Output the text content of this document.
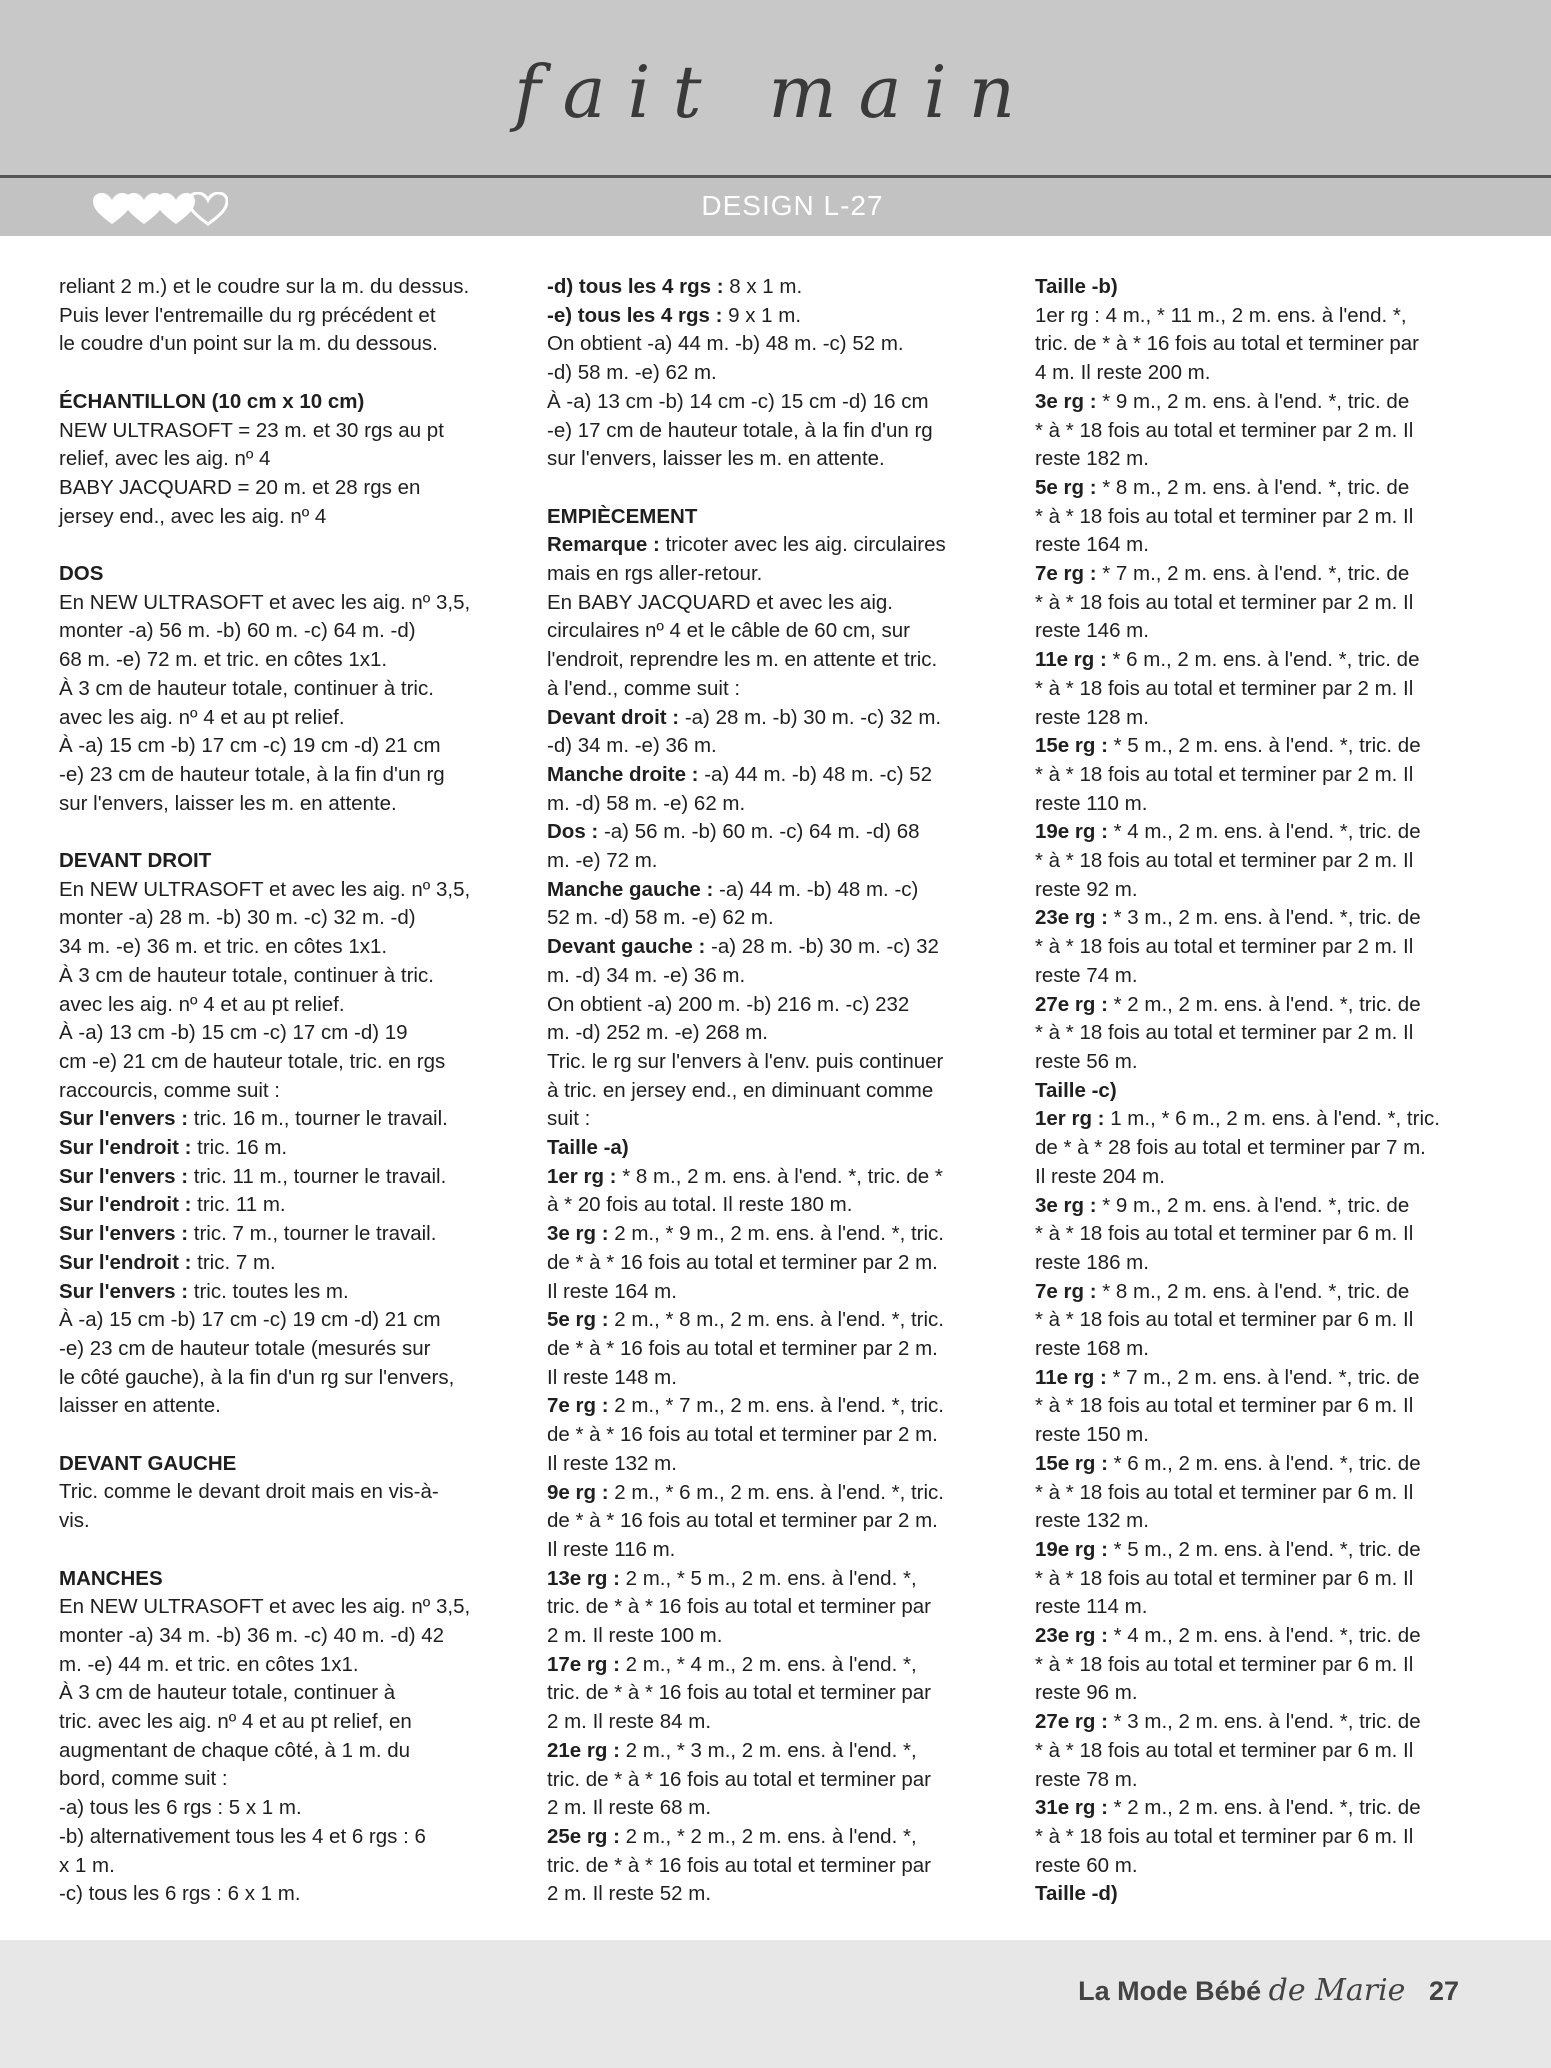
fait main
DESIGN L-27

reliant 2 m.) et le coudre sur la m. du dessus.

Puis lever l'entremaille du rg précédent et

le coudre d'un point sur la m. du dessous.

ÉCHANTILLON (10 cm x 10 cm)

NEW ULTRASOFT = 23 m. et 30 rgs au pt

relief, avec les aig. nº 4

BABY JACQUARD = 20 m. et 28 rgs en

jersey end., avec les aig. nº 4

DOS

En NEW ULTRASOFT et avec les aig. nº 3,5,

monter -a) 56 m. -b) 60 m. -c) 64 m. -d)

68 m. -e) 72 m. et tric. en côtes 1x1.

À 3 cm de hauteur totale, continuer à tric.

avec les aig. nº 4 et au pt relief.

À -a) 15 cm -b) 17 cm -c) 19 cm -d) 21 cm

-e) 23 cm de hauteur totale, à la fin d'un rg

sur l'envers, laisser les m. en attente.

DEVANT DROIT

En NEW ULTRASOFT et avec les aig. nº 3,5,

monter -a) 28 m. -b) 30 m. -c) 32 m. -d)

34 m. -e) 36 m. et tric. en côtes 1x1.

À 3 cm de hauteur totale, continuer à tric.

avec les aig. nº 4 et au pt relief.

À -a) 13 cm -b) 15 cm -c) 17 cm -d) 19

cm -e) 21 cm de hauteur totale, tric. en rgs

raccourcis, comme suit :

Sur l'envers : tric. 16 m., tourner le travail.

Sur l'endroit : tric. 16 m.

Sur l'envers : tric. 11 m., tourner le travail.

Sur l'endroit : tric. 11 m.

Sur l'envers : tric. 7 m., tourner le travail.

Sur l'endroit : tric. 7 m.

Sur l'envers : tric. toutes les m.

À -a) 15 cm -b) 17 cm -c) 19 cm -d) 21 cm

-e) 23 cm de hauteur totale (mesurés sur

le côté gauche), à la fin d'un rg sur l'envers,

laisser en attente.

DEVANT GAUCHE

Tric. comme le devant droit mais en vis-à-

vis.

MANCHES

En NEW ULTRASOFT et avec les aig. nº 3,5,

monter -a) 34 m. -b) 36 m. -c) 40 m. -d) 42

m. -e) 44 m. et tric. en côtes 1x1.

À 3 cm de hauteur totale, continuer à

tric. avec les aig. nº 4 et au pt relief, en

augmentant de chaque côté, à 1 m. du

bord, comme suit :

-a) tous les 6 rgs : 5 x 1 m.

-b) alternativement tous les 4 et 6 rgs : 6

x 1 m.

-c) tous les 6 rgs : 6 x 1 m.

-d) tous les 4 rgs : 8 x 1 m.

-e) tous les 4 rgs : 9 x 1 m.

On obtient -a) 44 m. -b) 48 m. -c) 52 m.

-d) 58 m. -e) 62 m.

À -a) 13 cm -b) 14 cm -c) 15 cm -d) 16 cm

-e) 17 cm de hauteur totale, à la fin d'un rg

sur l'envers, laisser les m. en attente.

EMPIÈCEMENT

Remarque : tricoter avec les aig. circulaires

mais en rgs aller-retour.

En BABY JACQUARD et avec les aig.

circulaires nº 4 et le câble de 60 cm, sur

l'endroit, reprendre les m. en attente et tric.

à l'end., comme suit :

Devant droit : -a) 28 m. -b) 30 m. -c) 32 m.

-d) 34 m. -e) 36 m.

Manche droite : -a) 44 m. -b) 48 m. -c) 52

m. -d) 58 m. -e) 62 m.

Dos : -a) 56 m. -b) 60 m. -c) 64 m. -d) 68

m. -e) 72 m.

Manche gauche : -a) 44 m. -b) 48 m. -c)

52 m. -d) 58 m. -e) 62 m.

Devant gauche : -a) 28 m. -b) 30 m. -c) 32

m. -d) 34 m. -e) 36 m.

On obtient -a) 200 m. -b) 216 m. -c) 232

m. -d) 252 m. -e) 268 m.

Tric. le rg sur l'envers à l'env. puis continuer

à tric. en jersey end., en diminuant comme

suit :

Taille -a)

1er rg : * 8 m., 2 m. ens. à l'end. *, tric. de *

à * 20 fois au total. Il reste 180 m.

3e rg : 2 m., * 9 m., 2 m. ens. à l'end. *, tric.

de * à * 16 fois au total et terminer par 2 m.

Il reste 164 m.

5e rg : 2 m., * 8 m., 2 m. ens. à l'end. *, tric.

de * à * 16 fois au total et terminer par 2 m.

Il reste 148 m.

7e rg : 2 m., * 7 m., 2 m. ens. à l'end. *, tric.

de * à * 16 fois au total et terminer par 2 m.

Il reste 132 m.

9e rg : 2 m., * 6 m., 2 m. ens. à l'end. *, tric.

de * à * 16 fois au total et terminer par 2 m.

Il reste 116 m.

13e rg : 2 m., * 5 m., 2 m. ens. à l'end. *,

tric. de * à * 16 fois au total et terminer par

2 m. Il reste 100 m.

17e rg : 2 m., * 4 m., 2 m. ens. à l'end. *,

tric. de * à * 16 fois au total et terminer par

2 m. Il reste 84 m.

21e rg : 2 m., * 3 m., 2 m. ens. à l'end. *,

tric. de * à * 16 fois au total et terminer par

2 m. Il reste 68 m.

25e rg : 2 m., * 2 m., 2 m. ens. à l'end. *,

tric. de * à * 16 fois au total et terminer par

2 m. Il reste 52 m.

Taille -b)

1er rg : 4 m., * 11 m., 2 m. ens. à l'end. *,

tric. de * à * 16 fois au total et terminer par

4 m. Il reste 200 m.

3e rg : * 9 m., 2 m. ens. à l'end. *, tric. de

* à * 18 fois au total et terminer par 2 m. Il

reste 182 m.

5e rg : * 8 m., 2 m. ens. à l'end. *, tric. de

* à * 18 fois au total et terminer par 2 m. Il

reste 164 m.

7e rg : * 7 m., 2 m. ens. à l'end. *, tric. de

* à * 18 fois au total et terminer par 2 m. Il

reste 146 m.

11e rg : * 6 m., 2 m. ens. à l'end. *, tric. de

* à * 18 fois au total et terminer par 2 m. Il

reste 128 m.

15e rg : * 5 m., 2 m. ens. à l'end. *, tric. de

* à * 18 fois au total et terminer par 2 m. Il

reste 110 m.

19e rg : * 4 m., 2 m. ens. à l'end. *, tric. de

* à * 18 fois au total et terminer par 2 m. Il

reste 92 m.

23e rg : * 3 m., 2 m. ens. à l'end. *, tric. de

* à * 18 fois au total et terminer par 2 m. Il

reste 74 m.

27e rg : * 2 m., 2 m. ens. à l'end. *, tric. de

* à * 18 fois au total et terminer par 2 m. Il

reste 56 m.

Taille -c)

1er rg : 1 m., * 6 m., 2 m. ens. à l'end. *, tric.

de * à * 28 fois au total et terminer par 7 m.

Il reste 204 m.

3e rg : * 9 m., 2 m. ens. à l'end. *, tric. de

* à * 18 fois au total et terminer par 6 m. Il

reste 186 m.

7e rg : * 8 m., 2 m. ens. à l'end. *, tric. de

* à * 18 fois au total et terminer par 6 m. Il

reste 168 m.

11e rg : * 7 m., 2 m. ens. à l'end. *, tric. de

* à * 18 fois au total et terminer par 6 m. Il

reste 150 m.

15e rg : * 6 m., 2 m. ens. à l'end. *, tric. de

* à * 18 fois au total et terminer par 6 m. Il

reste 132 m.

19e rg : * 5 m., 2 m. ens. à l'end. *, tric. de

* à * 18 fois au total et terminer par 6 m. Il

reste 114 m.

23e rg : * 4 m., 2 m. ens. à l'end. *, tric. de

* à * 18 fois au total et terminer par 6 m. Il

reste 96 m.

27e rg : * 3 m., 2 m. ens. à l'end. *, tric. de

* à * 18 fois au total et terminer par 6 m. Il

reste 78 m.

31e rg : * 2 m., 2 m. ens. à l'end. *, tric. de

* à * 18 fois au total et terminer par 6 m. Il

reste 60 m.

Taille -d)

La Mode Bébé de Marie 27
